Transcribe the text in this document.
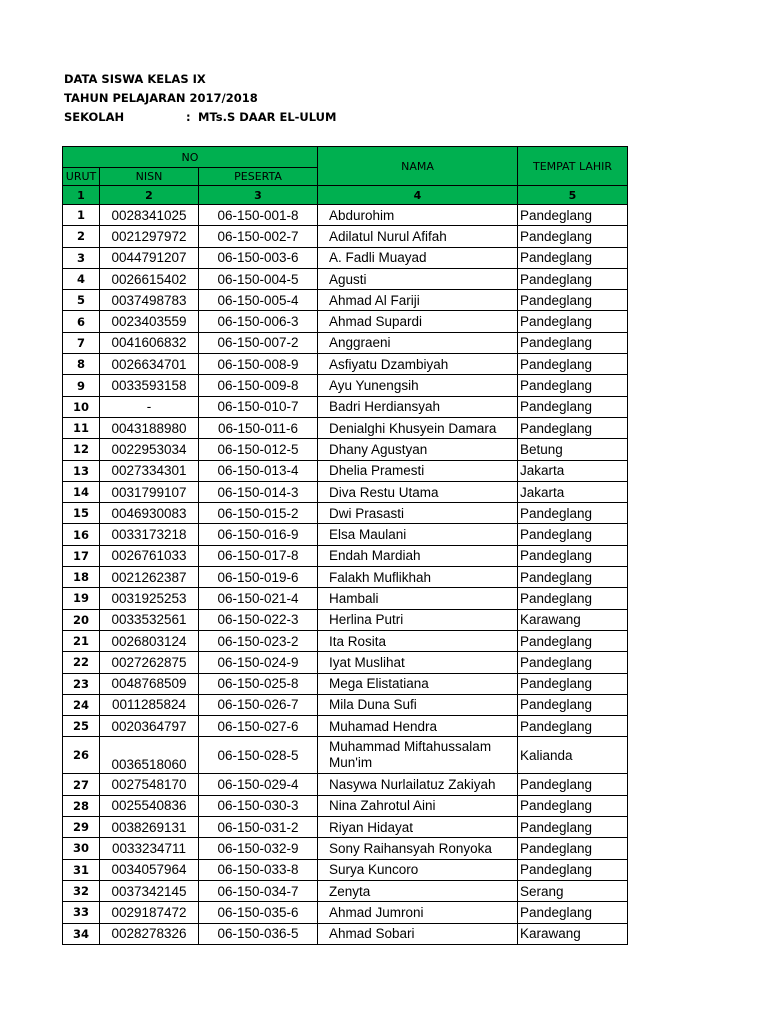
DATA SISWA KELAS IX
TAHUN PELAJARAN 2017/2018
SEKOLAH	: MTs.S DAAR EL-ULUM
NO			NAMA	TEMPAT LAHIR
URUT	NISN	PESERTA		
1	2	3	4	5
1	0028341025	06-150-001-8	Abdurohim	Pandeglang
2	0021297972	06-150-002-7	Adilatul Nurul Afifah	Pandeglang
3	0044791207	06-150-003-6	A. Fadli Muayad	Pandeglang
4	0026615402	06-150-004-5	Agusti	Pandeglang
5	0037498783	06-150-005-4	Ahmad Al Fariji	Pandeglang
6	0023403559	06-150-006-3	Ahmad Supardi	Pandeglang
7	0041606832	06-150-007-2	Anggraeni	Pandeglang
8	0026634701	06-150-008-9	Asfiyatu Dzambiyah	Pandeglang
9	0033593158	06-150-009-8	Ayu Yunengsih	Pandeglang
10	-	06-150-010-7	Badri Herdiansyah	Pandeglang
11	0043188980	06-150-011-6	Denialghi Khusyein Damara	Pandeglang
12	0022953034	06-150-012-5	Dhany Agustyan	Betung
13	0027334301	06-150-013-4	Dhelia Pramesti	Jakarta
14	0031799107	06-150-014-3	Diva Restu Utama	Jakarta
15	0046930083	06-150-015-2	Dwi Prasasti	Pandeglang
16	0033173218	06-150-016-9	Elsa Maulani	Pandeglang
17	0026761033	06-150-017-8	Endah Mardiah	Pandeglang
18	0021262387	06-150-019-6	Falakh Muflikhah	Pandeglang
19	0031925253	06-150-021-4	Hambali	Pandeglang
20	0033532561	06-150-022-3	Herlina Putri	Karawang
21	0026803124	06-150-023-2	Ita Rosita	Pandeglang
22	0027262875	06-150-024-9	Iyat Muslihat	Pandeglang
23	0048768509	06-150-025-8	Mega Elistatiana	Pandeglang
24	0011285824	06-150-026-7	Mila Duna Sufi	Pandeglang
25	0020364797	06-150-027-6	Muhamad Hendra	Pandeglang
26	0036518060	06-150-028-5	Muhammad Miftahussalam Mun'im	Kalianda
27	0027548170	06-150-029-4	Nasywa Nurlailatuz Zakiyah	Pandeglang
28	0025540836	06-150-030-3	Nina Zahrotul Aini	Pandeglang
29	0038269131	06-150-031-2	Riyan Hidayat	Pandeglang
30	0033234711	06-150-032-9	Sony Raihansyah Ronyoka	Pandeglang
31	0034057964	06-150-033-8	Surya Kuncoro	Pandeglang
32	0037342145	06-150-034-7	Zenyta	Serang
33	0029187472	06-150-035-6	Ahmad Jumroni	Pandeglang
34	0028278326	06-150-036-5	Ahmad Sobari	Karawang
